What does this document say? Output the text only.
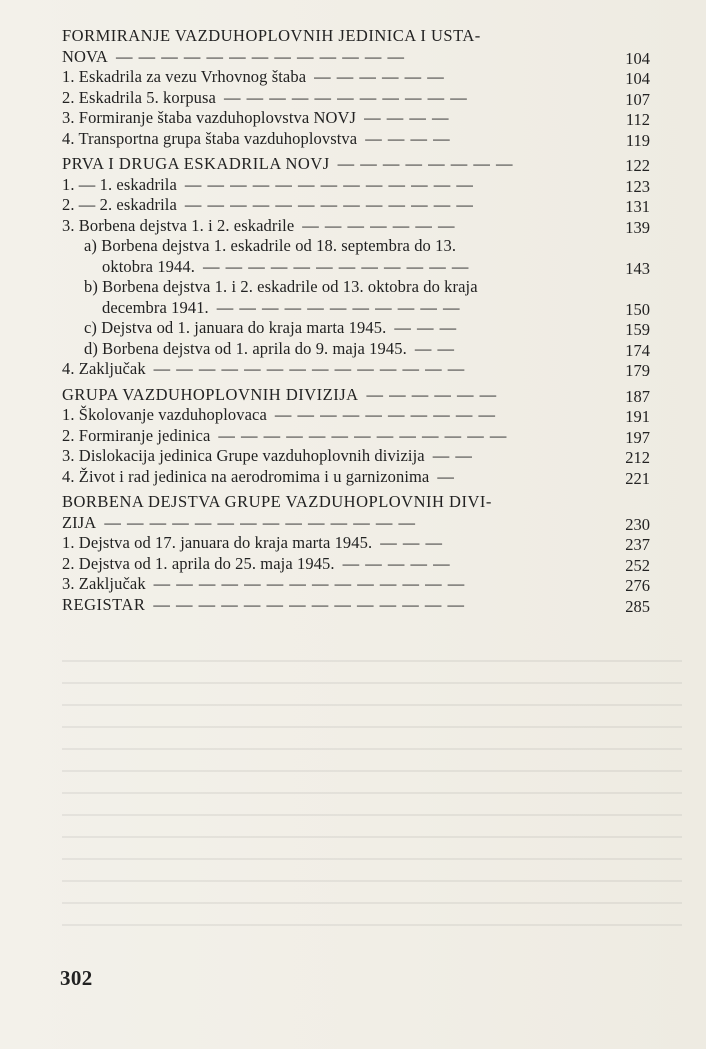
FORMIRANJE VAZDUHOPLOVNIH JEDINICA I USTA-
NOVA — — — — — — — — — — — — —	104
1. Eskadrila za vezu Vrhovnog štaba — — — — — —	104
2. Eskadrila 5. korpusa — — — — — — — — — — —	107
3. Formiranje štaba vazduhoplovstva NOVJ — — — —	112
4. Transportna grupa štaba vazduhoplovstva — — — —	119
PRVA I DRUGA ESKADRILA NOVJ — — — — — — — —	122
1. — 1. eskadrila — — — — — — — — — — — — —	123
2. — 2. eskadrila — — — — — — — — — — — — —	131
3. Borbena dejstva 1. i 2. eskadrile — — — — — — —	139
a) Borbena dejstva 1. eskadrile od 18. septembra do 13.
oktobra 1944. — — — — — — — — — — — —	143
b) Borbena dejstva 1. i 2. eskadrile od 13. oktobra do kraja
decembra 1941. — — — — — — — — — — —	150
c) Dejstva od 1. januara do kraja marta 1945. — — —	159
d) Borbena dejstva od 1. aprila do 9. maja 1945. — —	174
4. Zaključak — — — — — — — — — — — — — —	179
GRUPA VAZDUHOPLOVNIH DIVIZIJA — — — — — —	187
1. Školovanje vazduhoplovaca — — — — — — — — — —	191
2. Formiranje jedinica — — — — — — — — — — — — —	197
3. Dislokacija jedinica Grupe vazduhoplovnih divizija — —	212
4. Život i rad jedinica na aerodromima i u garnizonima —	221
BORBENA DEJSTVA GRUPE VAZDUHOPLOVNIH DIVI-
ZIJA — — — — — — — — — — — — — —	230
1. Dejstva od 17. januara do kraja marta 1945. — — —	237
2. Dejstva od 1. aprila do 25. maja 1945. — — — — —	252
3. Zaključak — — — — — — — — — — — — — —	276
REGISTAR — — — — — — — — — — — — — —	285
302
